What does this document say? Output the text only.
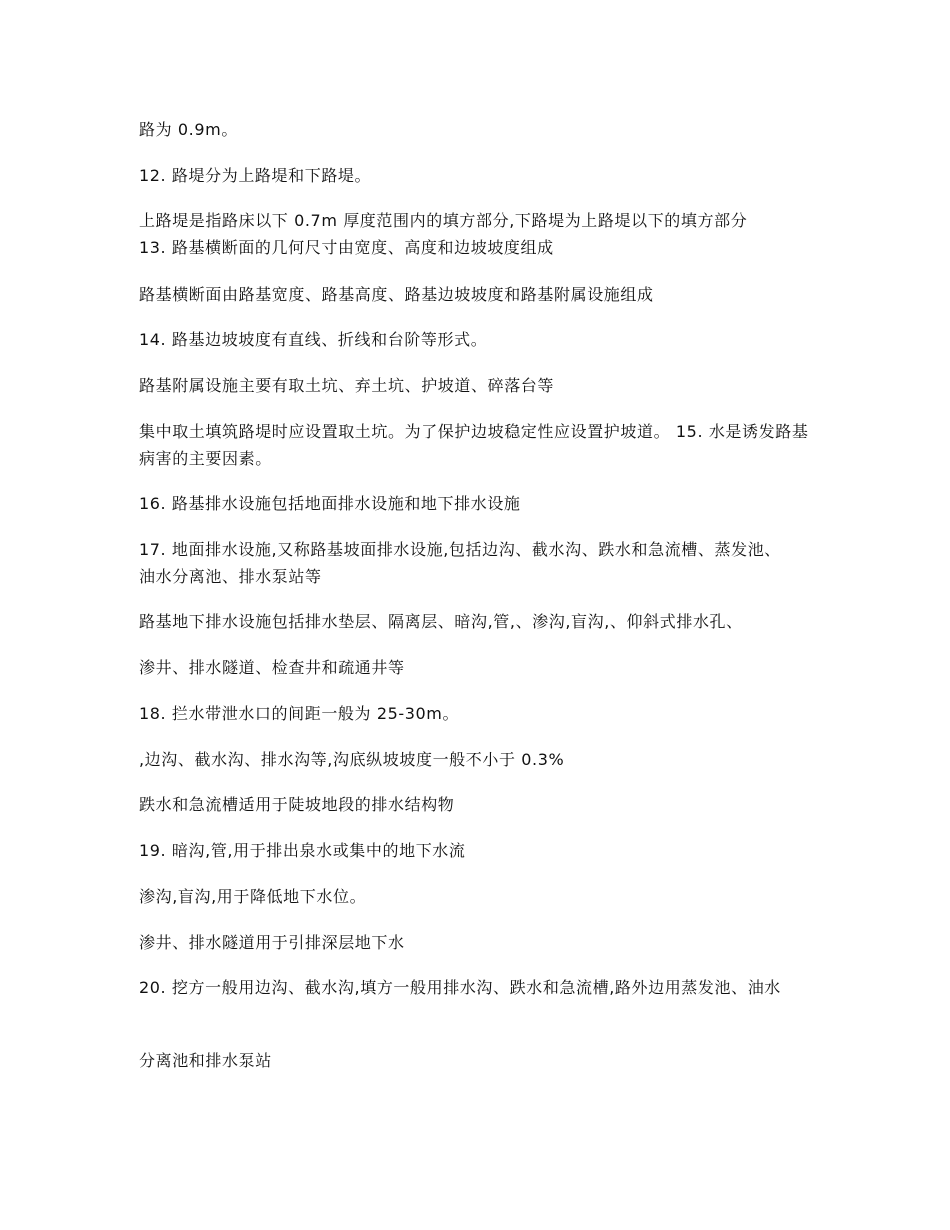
路为 0.9m。
12. 路堤分为上路堤和下路堤。
上路堤是指路床以下 0.7m 厚度范围内的填方部分,下路堤为上路堤以下的填方部分
13. 路基横断面的几何尺寸由宽度、高度和边坡坡度组成
路基横断面由路基宽度、路基高度、路基边坡坡度和路基附属设施组成
14. 路基边坡坡度有直线、折线和台阶等形式。
路基附属设施主要有取土坑、弃土坑、护坡道、碎落台等
集中取土填筑路堤时应设置取土坑。为了保护边坡稳定性应设置护坡道。 15. 水是诱发路基病害的主要因素。
16. 路基排水设施包括地面排水设施和地下排水设施
17. 地面排水设施,又称路基坡面排水设施,包括边沟、截水沟、跌水和急流槽、蒸发池、
油水分离池、排水泵站等
路基地下排水设施包括排水垫层、隔离层、暗沟,管,、渗沟,盲沟,、仰斜式排水孔、
渗井、排水隧道、检查井和疏通井等
18. 拦水带泄水口的间距一般为 25-30m。
,边沟、截水沟、排水沟等,沟底纵坡坡度一般不小于 0.3%
跌水和急流槽适用于陡坡地段的排水结构物
19. 暗沟,管,用于排出泉水或集中的地下水流
渗沟,盲沟,用于降低地下水位。
渗井、排水隧道用于引排深层地下水
20. 挖方一般用边沟、截水沟,填方一般用排水沟、跌水和急流槽,路外边用蒸发池、油水
分离池和排水泵站
